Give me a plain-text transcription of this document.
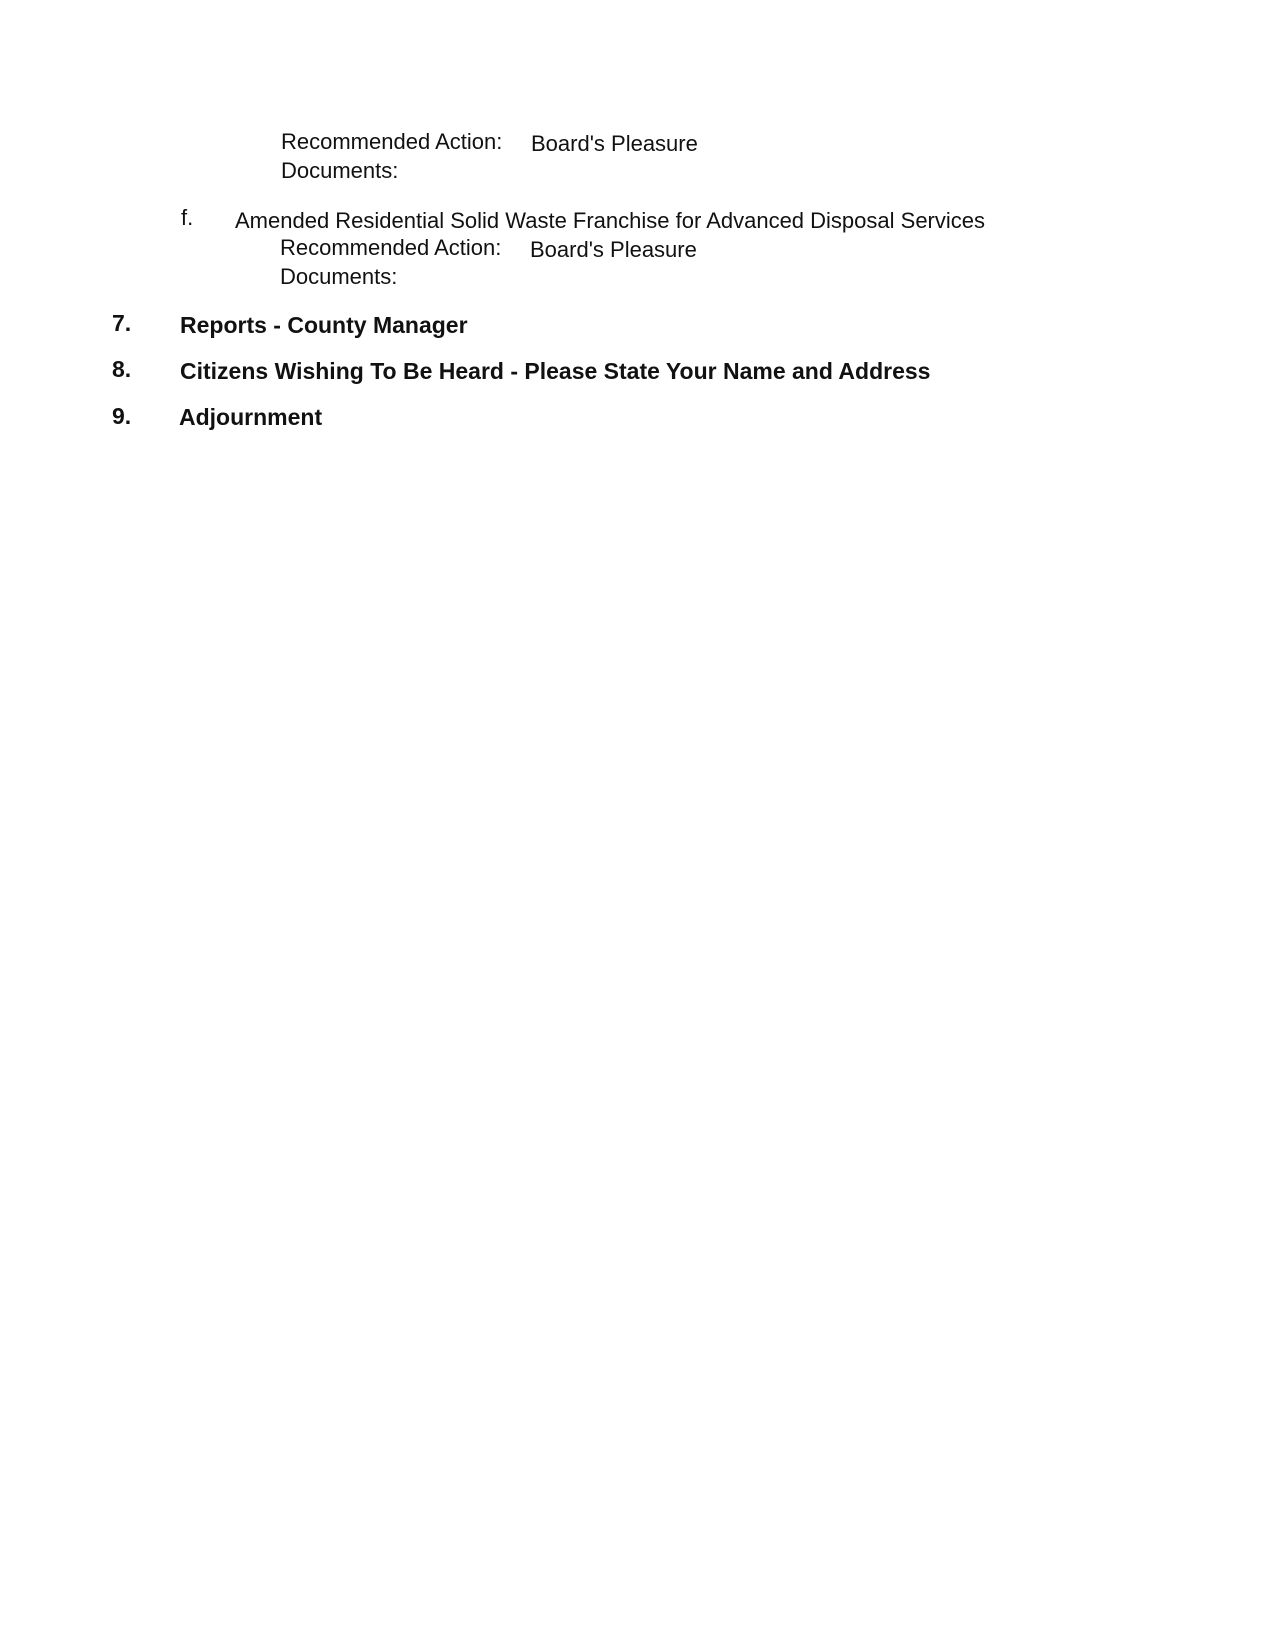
Recommended Action: Board's Pleasure
Documents:
f. Amended Residential Solid Waste Franchise for Advanced Disposal Services
Recommended Action: Board's Pleasure
Documents:
7. Reports - County Manager
8. Citizens Wishing To Be Heard - Please State Your Name and Address
9. Adjournment
